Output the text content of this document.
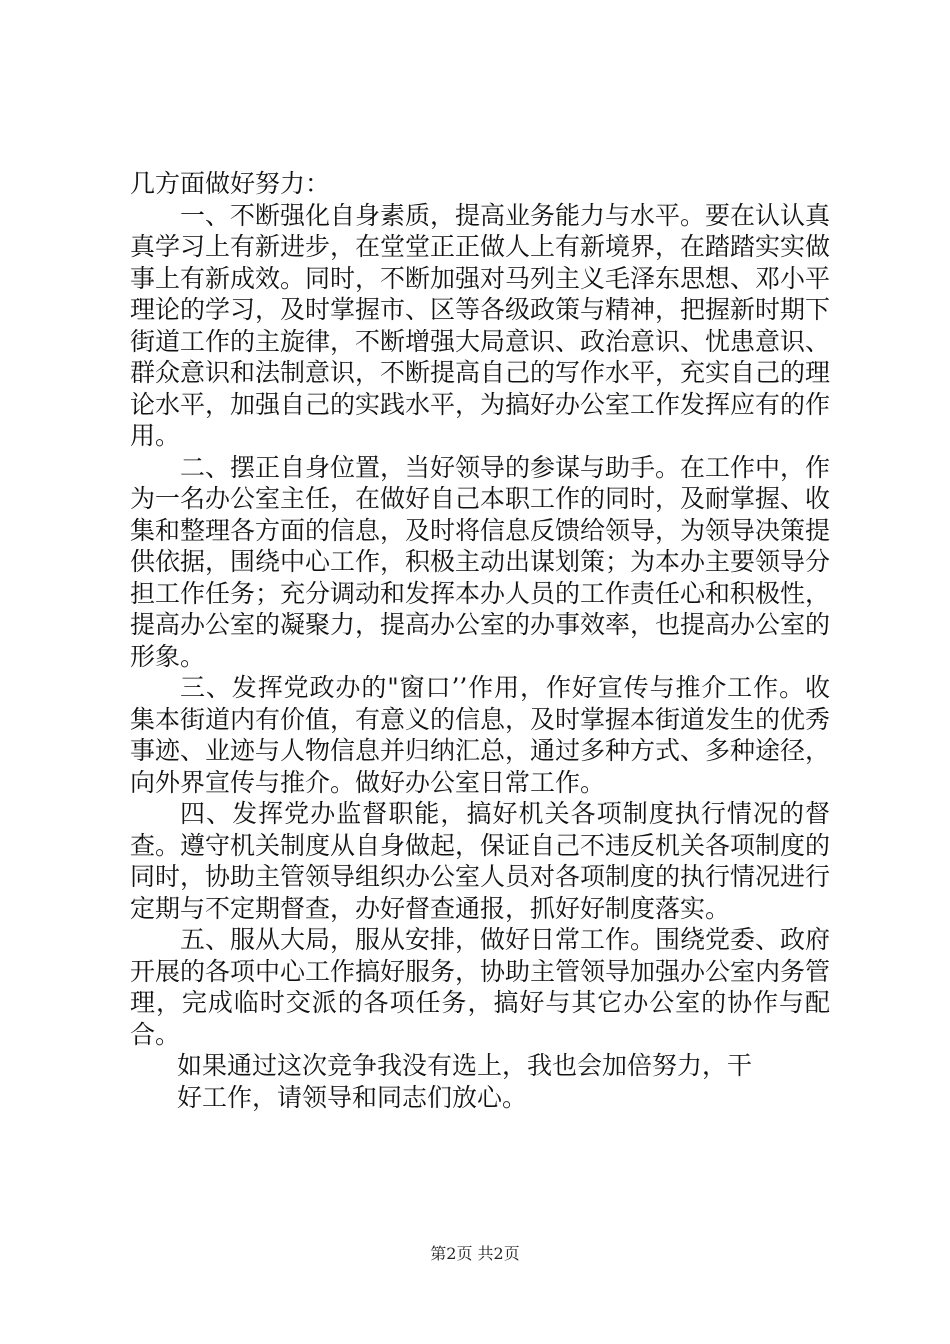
几方面做好努力：

一、不断强化自身素质，提高业务能力与水平。要在认认真真学习上有新进步，在堂堂正正做人上有新境界，在踏踏实实做事上有新成效。同时，不断加强对马列主义毛泽东思想、邓小平理论的学习，及时掌握市、区等各级政策与精神，把握新时期下街道工作的主旋律，不断增强大局意识、政治意识、忧患意识、群众意识和法制意识，不断提高自己的写作水平，充实自己的理论水平，加强自己的实践水平，为搞好办公室工作发挥应有的作用。

二、摆正自身位置，当好领导的参谋与助手。在工作中，作为一名办公室主任，在做好自己本职工作的同时，及耐掌握、收集和整理各方面的信息，及时将信息反馈给领导，为领导决策提供依据，围绕中心工作，积极主动出谋划策；为本办主要领导分担工作任务；充分调动和发挥本办人员的工作责任心和积极性，提高办公室的凝聚力，提高办公室的办事效率，也提高办公室的形象。

三、发挥党政办的"窗口’’作用，作好宣传与推介工作。收集本街道内有价值，有意义的信息，及时掌握本街道发生的优秀事迹、业迹与人物信息并归纳汇总，通过多种方式、多种途径，向外界宣传与推介。做好办公室日常工作。

四、发挥党办监督职能，搞好机关各项制度执行情况的督查。遵守机关制度从自身做起，保证自己不违反机关各项制度的同时，协助主管领导组织办公室人员对各项制度的执行情况进行定期与不定期督查，办好督查通报，抓好好制度落实。

五、服从大局，服从安排，做好日常工作。围绕党委、政府开展的各项中心工作搞好服务，协助主管领导加强办公室内务管理，完成临时交派的各项任务，搞好与其它办公室的协作与配合。

如果通过这次竞争我没有选上，我也会加倍努力，干

好工作，请领导和同志们放心。

第2页 共2页
